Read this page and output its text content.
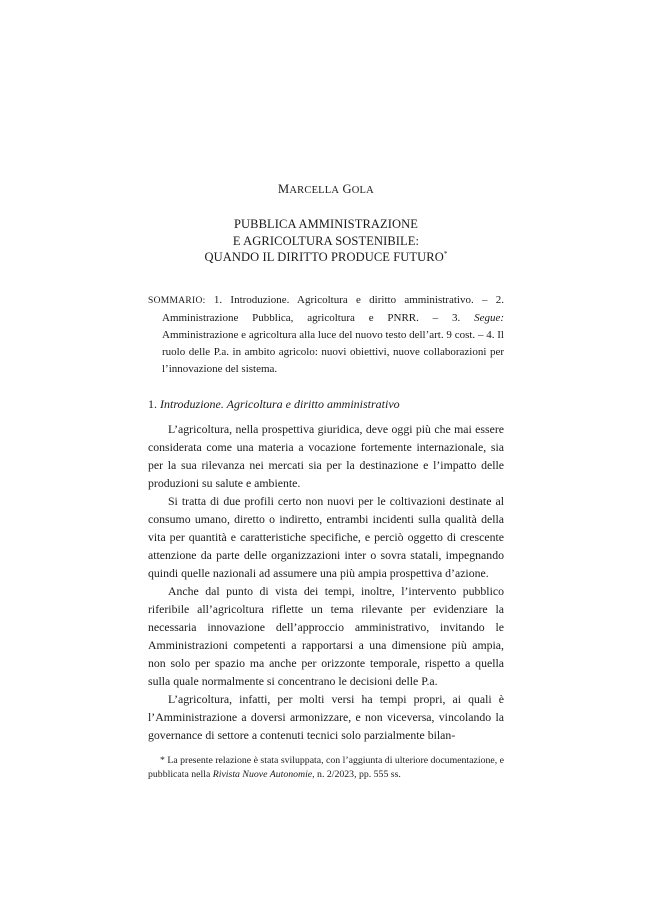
MARCELLA GOLA
PUBBLICA AMMINISTRAZIONE
E AGRICOLTURA SOSTENIBILE:
QUANDO IL DIRITTO PRODUCE FUTURO*
SOMMARIO: 1. Introduzione. Agricoltura e diritto amministrativo. – 2. Amministrazione Pubblica, agricoltura e PNRR. – 3. Segue: Amministrazione e agricoltura alla luce del nuovo testo dell’art. 9 cost. – 4. Il ruolo delle P.a. in ambito agricolo: nuovi obiettivi, nuove collaborazioni per l’innovazione del sistema.
1. Introduzione. Agricoltura e diritto amministrativo

L’agricoltura, nella prospettiva giuridica, deve oggi più che mai essere considerata come una materia a vocazione fortemente internazionale, sia per la sua rilevanza nei mercati sia per la destinazione e l’impatto delle produzioni su salute e ambiente.

Si tratta di due profili certo non nuovi per le coltivazioni destinate al consumo umano, diretto o indiretto, entrambi incidenti sulla qualità della vita per quantità e caratteristiche specifiche, e perciò oggetto di crescente attenzione da parte delle organizzazioni inter o sovra statali, impegnando quindi quelle nazionali ad assumere una più ampia prospettiva d’azione.

Anche dal punto di vista dei tempi, inoltre, l’intervento pubblico riferibile all’agricoltura riflette un tema rilevante per evidenziare la necessaria innovazione dell’approccio amministrativo, invitando le Amministrazioni competenti a rapportarsi a una dimensione più ampia, non solo per spazio ma anche per orizzonte temporale, rispetto a quella sulla quale normalmente si concentrano le decisioni delle P.a.

L’agricoltura, infatti, per molti versi ha tempi propri, ai quali è l’Amministrazione a doversi armonizzare, e non viceversa, vincolando la governance di settore a contenuti tecnici solo parzialmente bilan-

* La presente relazione è stata sviluppata, con l’aggiunta di ulteriore documentazione, e pubblicata nella Rivista Nuove Autonomie, n. 2/2023, pp. 555 ss.
